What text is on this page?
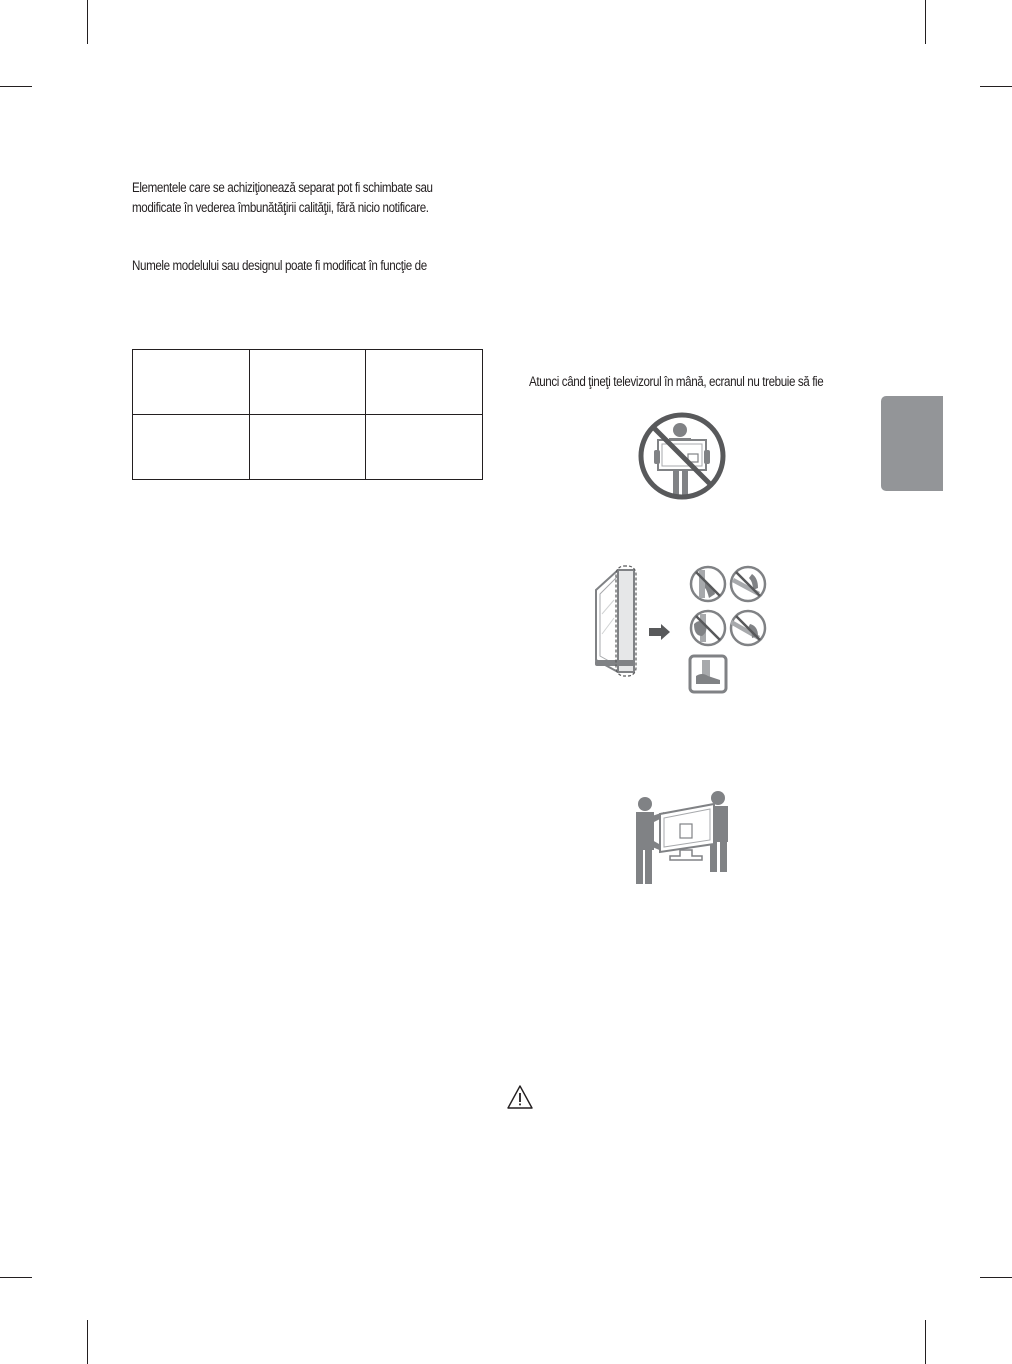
Elementele care se achiziţionează separat pot fi schimbate sau
modificate în vederea îmbunătăţirii calităţii, fără nicio notificare.

Numele modelului sau designul poate fi modificat în funcţie de

Atunci când ţineţi televizorul în mână, ecranul nu trebuie să fie
